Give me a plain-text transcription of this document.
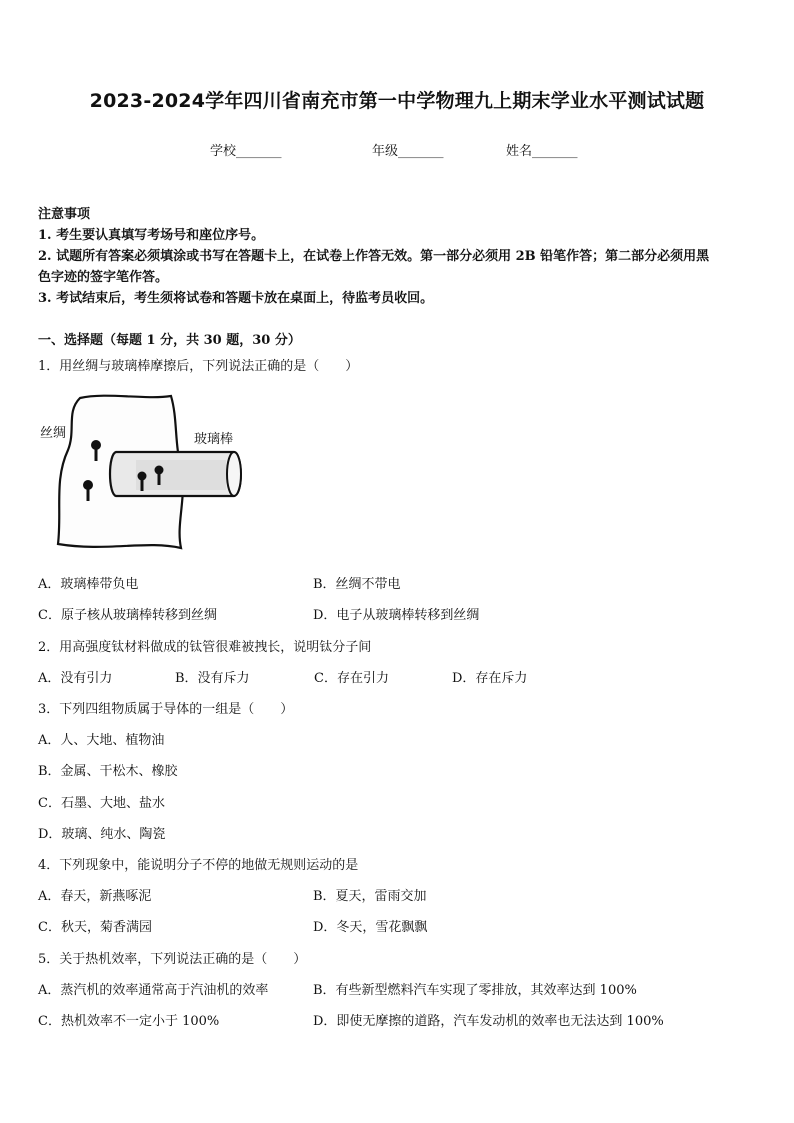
2023-2024学年四川省南充市第一中学物理九上期末学业水平测试试题
学校_______	年级_______	姓名_______
注意事项
1. 考生要认真填写考场号和座位序号。
2. 试题所有答案必须填涂或书写在答题卡上，在试卷上作答无效。第一部分必须用 2B 铅笔作答；第二部分必须用黑
色字迹的签字笔作答。
3. 考试结束后，考生须将试卷和答题卡放在桌面上，待监考员收回。
一、选择题（每题 1 分，共 30 题，30 分）
1．用丝绸与玻璃棒摩擦后，下列说法正确的是（　　）
丝绸	玻璃棒
A．玻璃棒带负电	B．丝绸不带电
C．原子核从玻璃棒转移到丝绸	D．电子从玻璃棒转移到丝绸
2．用高强度钛材料做成的钛管很难被拽长，说明钛分子间
A．没有引力	B．没有斥力	C．存在引力	D．存在斥力
3．下列四组物质属于导体的一组是（　　）
A．人、大地、植物油
B．金属、干松木、橡胶
C．石墨、大地、盐水
D．玻璃、纯水、陶瓷
4．下列现象中，能说明分子不停的地做无规则运动的是
A．春天，新燕啄泥	B．夏天，雷雨交加
C．秋天，菊香满园	D．冬天，雪花飘飘
5．关于热机效率，下列说法正确的是（　　）
A．蒸汽机的效率通常高于汽油机的效率	B．有些新型燃料汽车实现了零排放，其效率达到 100%
C．热机效率不一定小于 100%	D．即使无摩擦的道路，汽车发动机的效率也无法达到 100%
